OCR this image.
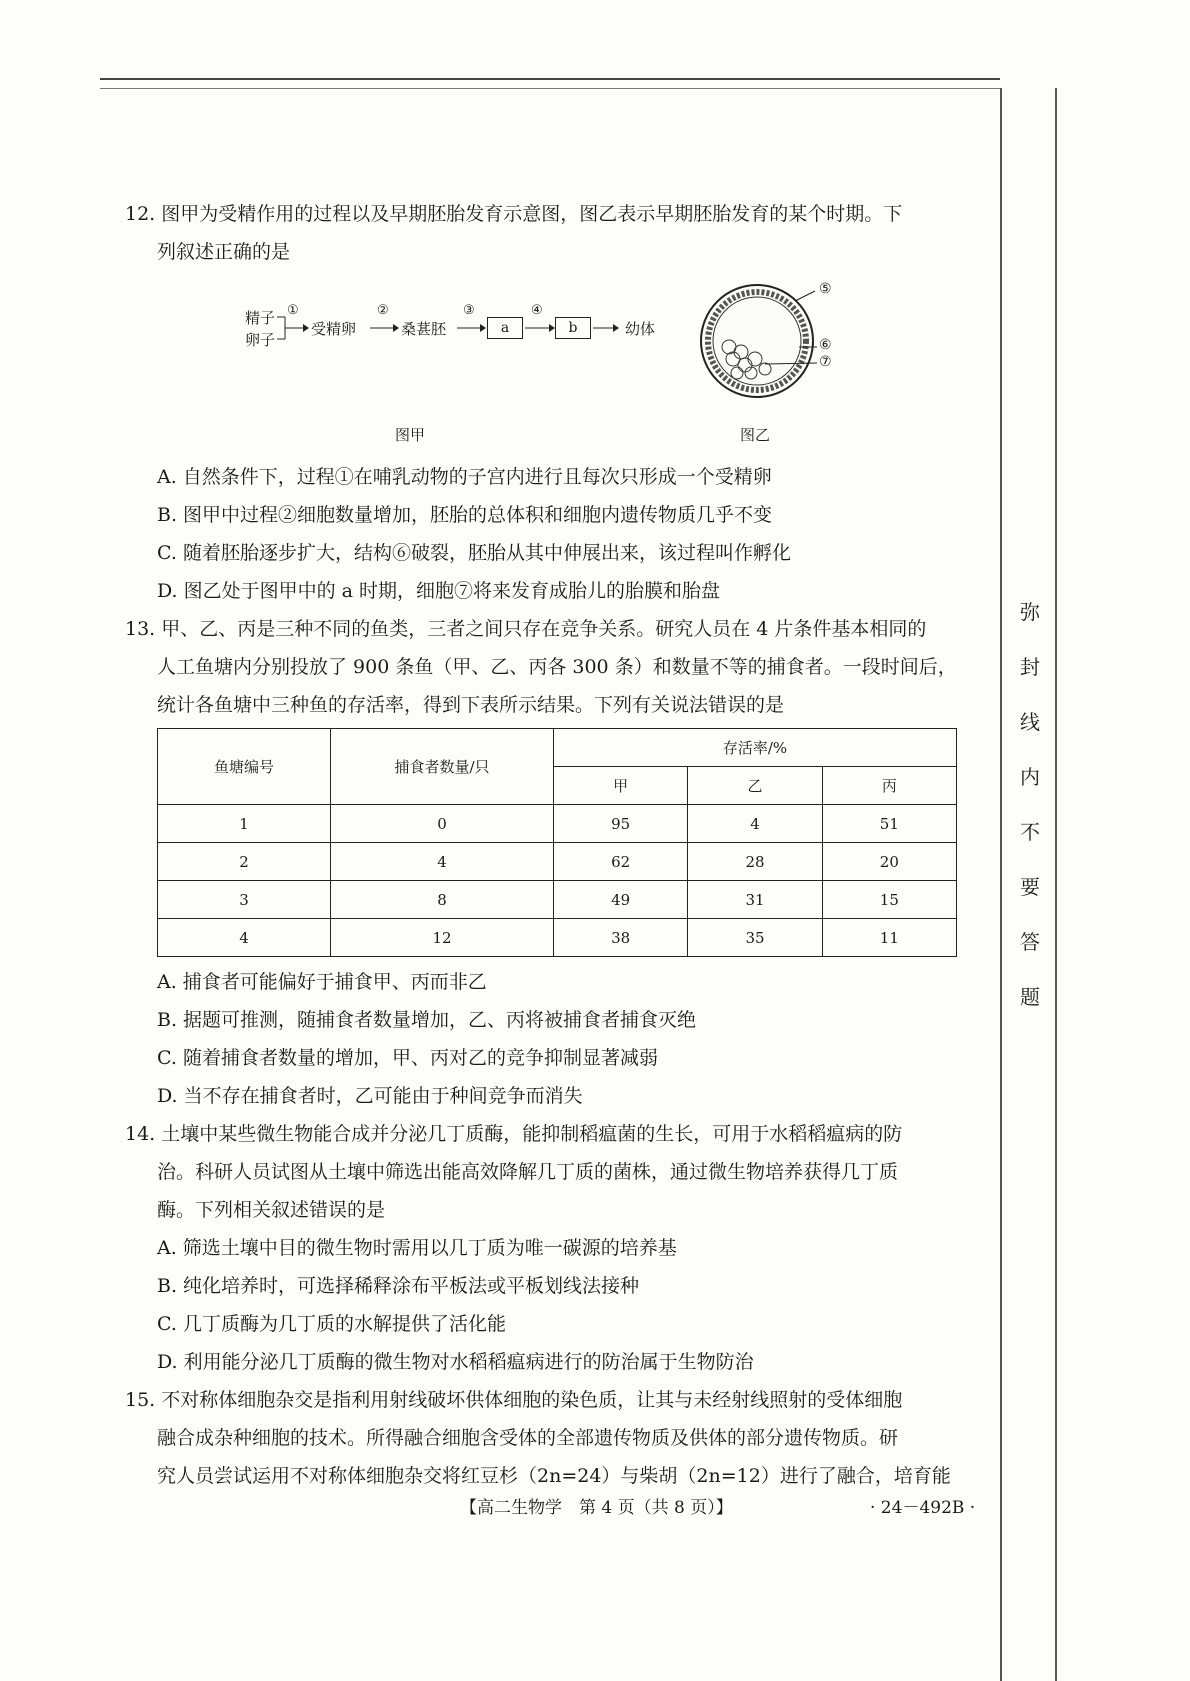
弥
封
线
内
不
要
答
题

12. 图甲为受精作用的过程以及早期胚胎发育示意图，图乙表示早期胚胎发育的某个时期。下

列叙述正确的是

精子
卵子
①
受精卵
②
桑葚胚
③
a
④
b	幼体
图甲
⑤
⑥
⑦
图乙

A. 自然条件下，过程①在哺乳动物的子宫内进行且每次只形成一个受精卵

B. 图甲中过程②细胞数量增加，胚胎的总体积和细胞内遗传物质几乎不变

C. 随着胚胎逐步扩大，结构⑥破裂，胚胎从其中伸展出来，该过程叫作孵化

D. 图乙处于图甲中的 a 时期，细胞⑦将来发育成胎儿的胎膜和胎盘

13. 甲、乙、丙是三种不同的鱼类，三者之间只存在竞争关系。研究人员在 4 片条件基本相同的

人工鱼塘内分别投放了 900 条鱼（甲、乙、丙各 300 条）和数量不等的捕食者。一段时间后，

统计各鱼塘中三种鱼的存活率，得到下表所示结果。下列有关说法错误的是

鱼塘编号	捕食者数量/只	存活率/%		
		甲	乙	丙
1	0	95	4	51
2	4	62	28	20
3	8	49	31	15
4	12	38	35	11

A. 捕食者可能偏好于捕食甲、丙而非乙

B. 据题可推测，随捕食者数量增加，乙、丙将被捕食者捕食灭绝

C. 随着捕食者数量的增加，甲、丙对乙的竞争抑制显著减弱

D. 当不存在捕食者时，乙可能由于种间竞争而消失

14. 土壤中某些微生物能合成并分泌几丁质酶，能抑制稻瘟菌的生长，可用于水稻稻瘟病的防

治。科研人员试图从土壤中筛选出能高效降解几丁质的菌株，通过微生物培养获得几丁质

酶。下列相关叙述错误的是

A. 筛选土壤中目的微生物时需用以几丁质为唯一碳源的培养基

B. 纯化培养时，可选择稀释涂布平板法或平板划线法接种

C. 几丁质酶为几丁质的水解提供了活化能

D. 利用能分泌几丁质酶的微生物对水稻稻瘟病进行的防治属于生物防治

15. 不对称体细胞杂交是指利用射线破坏供体细胞的染色质，让其与未经射线照射的受体细胞

融合成杂种细胞的技术。所得融合细胞含受体的全部遗传物质及供体的部分遗传物质。研

究人员尝试运用不对称体细胞杂交将红豆杉（2n=24）与柴胡（2n=12）进行了融合，培育能

【高二生物学　第 4 页（共 8 页）】	· 24－492B ·
